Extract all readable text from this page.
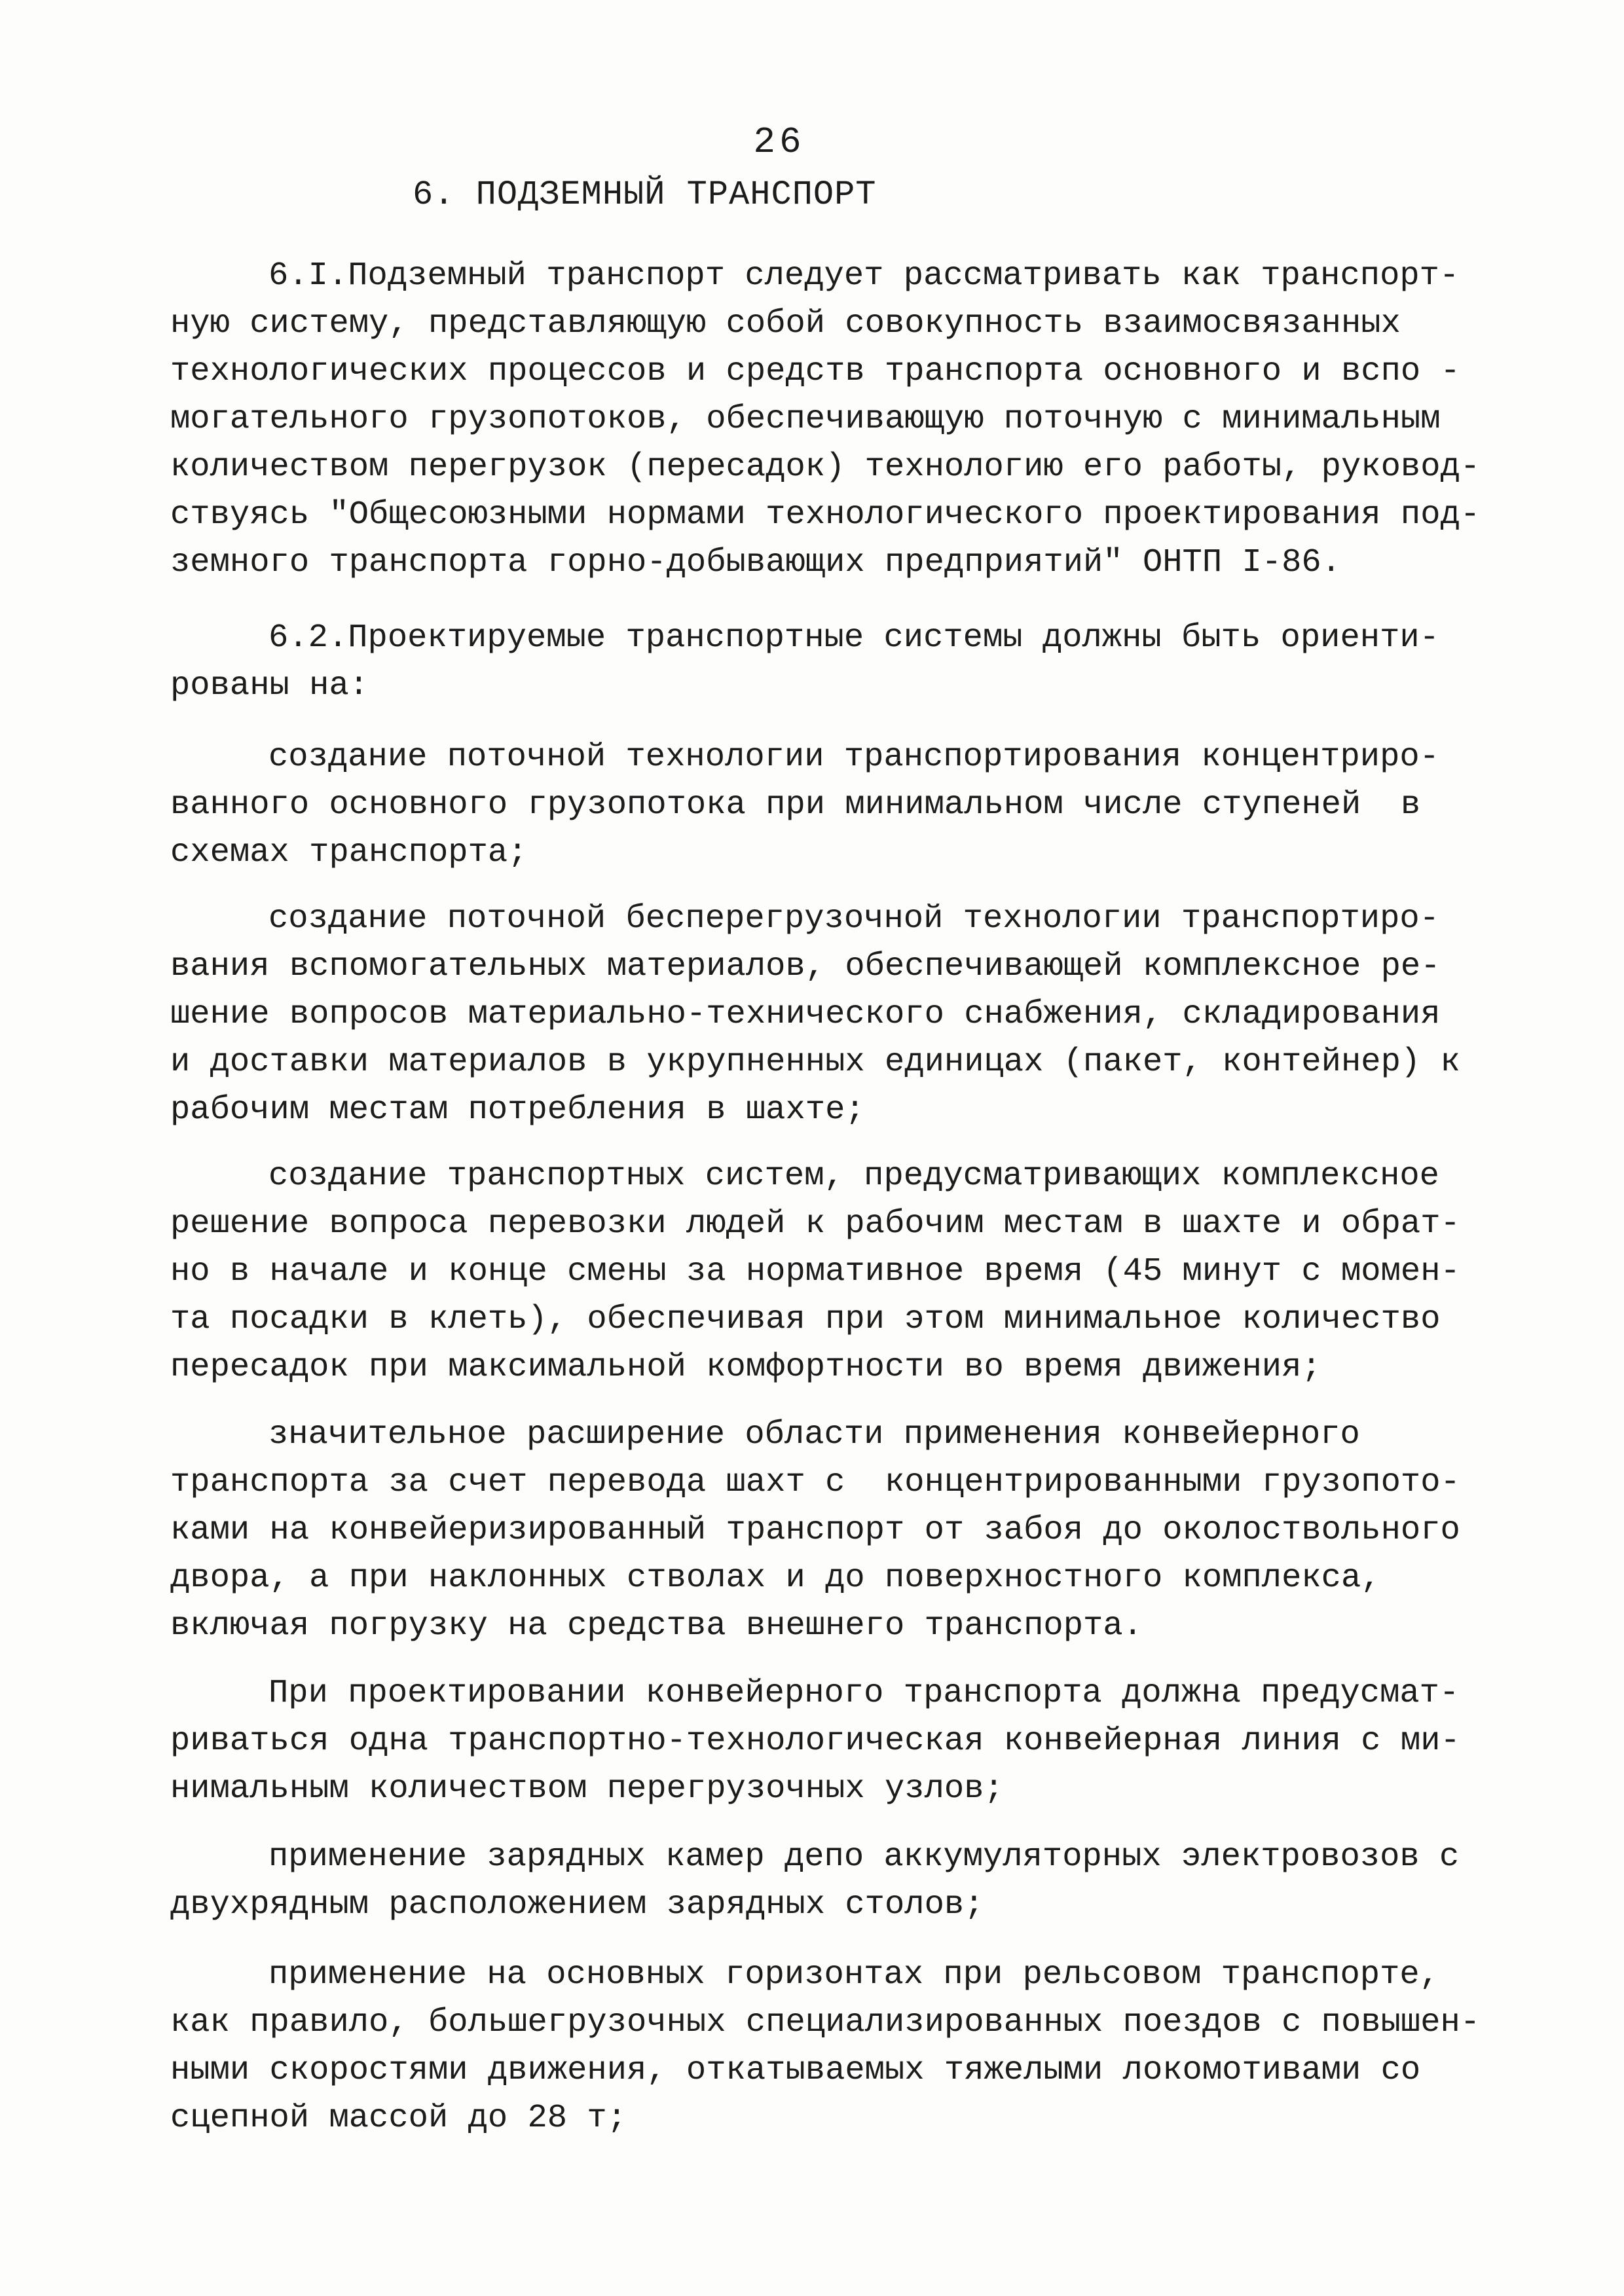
26
6. ПОДЗЕМНЫЙ ТРАНСПОРТ
6.I.Подземный транспорт следует рассматривать как транспорт-
ную систему, представляющую собой совокупность взаимосвязанных
технологических процессов и средств транспорта основного и вспо -
могательного грузопотоков, обеспечивающую поточную с минимальным
количеством перегрузок (пересадок) технологию его работы, руковод-
ствуясь "Общесоюзными нормами технологического проектирования под-
земного транспорта горно-добывающих предприятий" ОНТП I-86.
6.2.Проектируемые транспортные системы должны быть ориенти-
рованы на:
создание поточной технологии транспортирования концентриро-
ванного основного грузопотока при минимальном числе ступеней  в
схемах транспорта;
создание поточной бесперегрузочной технологии транспортиро-
вания вспомогательных материалов, обеспечивающей комплексное ре-
шение вопросов материально-технического снабжения, складирования
и доставки материалов в укрупненных единицах (пакет, контейнер) к
рабочим местам потребления в шахте;
создание транспортных систем, предусматривающих комплексное
решение вопроса перевозки людей к рабочим местам в шахте и обрат-
но в начале и конце смены за нормативное время (45 минут с момен-
та посадки в клеть), обеспечивая при этом минимальное количество
пересадок при максимальной комфортности во время движения;
значительное расширение области применения конвейерного
транспорта за счет перевода шахт с  концентрированными грузопото-
ками на конвейеризированный транспорт от забоя до околоствольного
двора, а при наклонных стволах и до поверхностного комплекса,
включая погрузку на средства внешнего транспорта.
При проектировании конвейерного транспорта должна предусмат-
риваться одна транспортно-технологическая конвейерная линия с ми-
нимальным количеством перегрузочных узлов;
применение зарядных камер депо аккумуляторных электровозов с
двухрядным расположением зарядных столов;
применение на основных горизонтах при рельсовом транспорте,
как правило, большегрузочных специализированных поездов с повышен-
ными скоростями движения, откатываемых тяжелыми локомотивами со
сцепной массой до 28 т;
